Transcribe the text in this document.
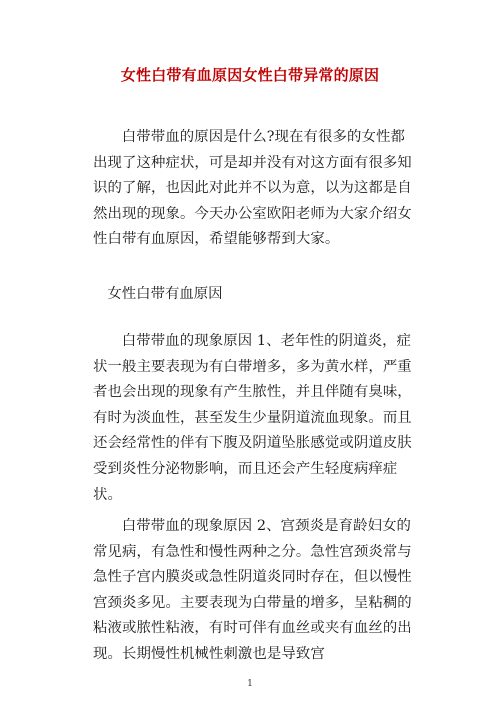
女性白带有血原因女性白带异常的原因

白带带血的原因是什么?现在有很多的女性都出现了这种症状，可是却并没有对这方面有很多知识的了解，也因此对此并不以为意，以为这都是自然出现的现象。今天办公室欧阳老师为大家介绍女性白带有血原因，希望能够帮到大家。

女性白带有血原因

白带带血的现象原因 1、老年性的阴道炎，症状一般主要表现为有白带增多，多为黄水样，严重者也会出现的现象有产生脓性，并且伴随有臭味，有时为淡血性，甚至发生少量阴道流血现象。而且还会经常性的伴有下腹及阴道坠胀感觉或阴道皮肤受到炎性分泌物影响，而且还会产生轻度病痒症状。

白带带血的现象原因 2、宫颈炎是育龄妇女的常见病，有急性和慢性两种之分。急性宫颈炎常与急性子宫内膜炎或急性阴道炎同时存在，但以慢性宫颈炎多见。主要表现为白带量的增多，呈粘稠的粘液或脓性粘液，有时可伴有血丝或夹有血丝的出现。长期慢性机械性刺激也是导致宫

1
